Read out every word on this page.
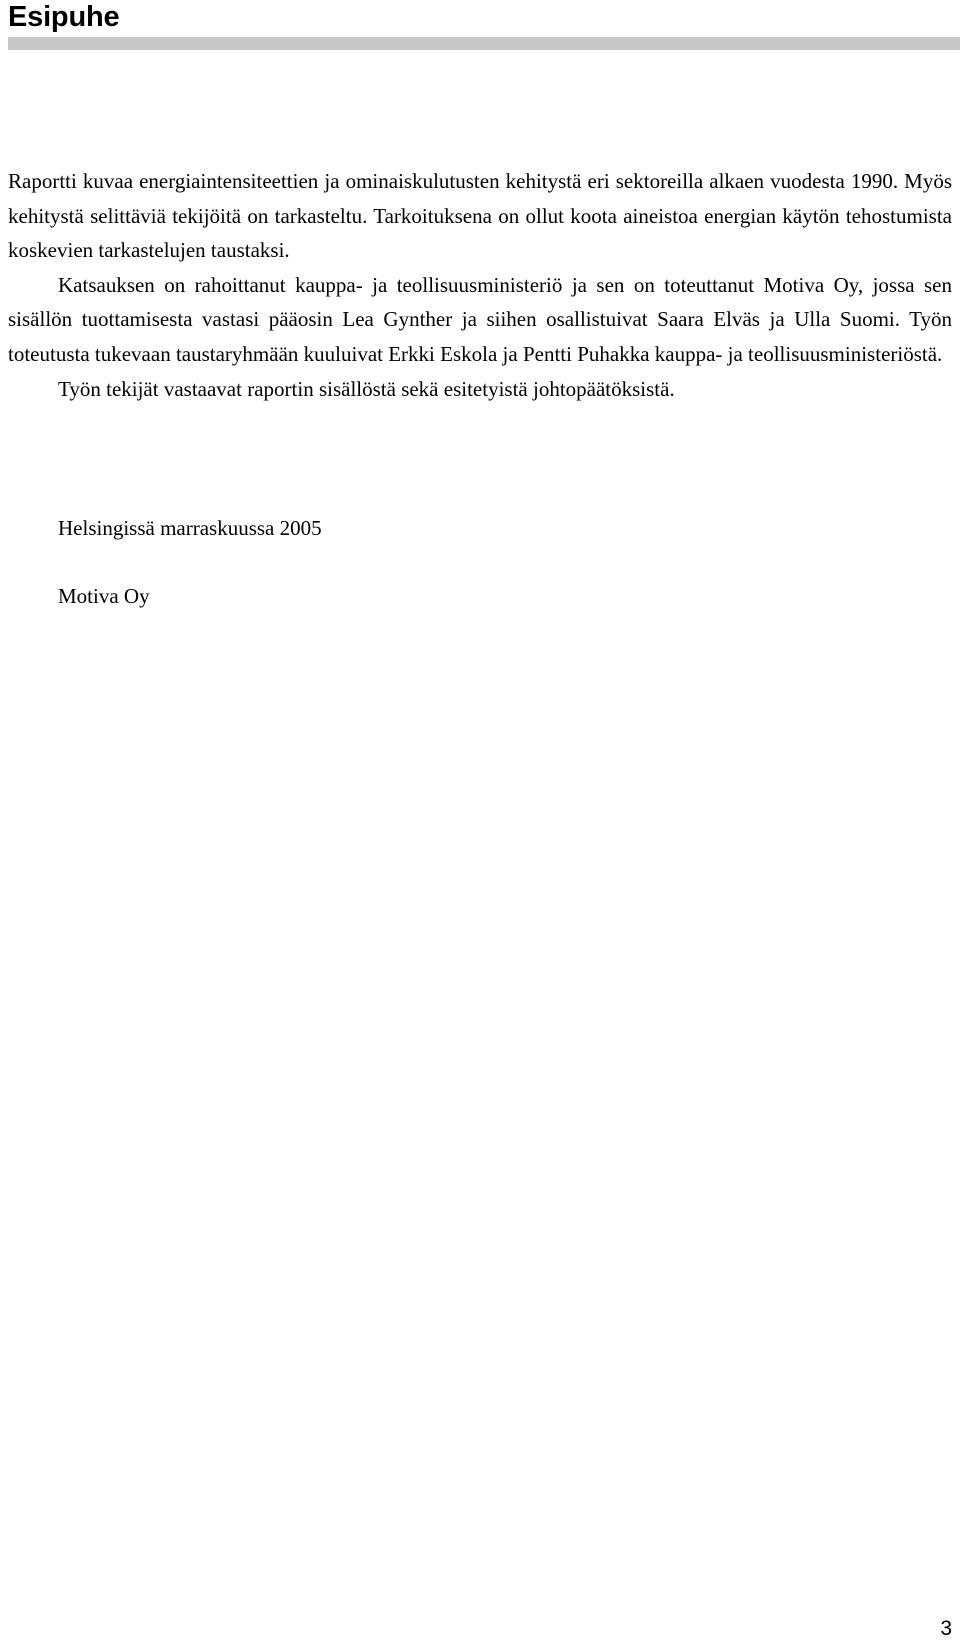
Esipuhe

Raportti kuvaa energiaintensiteettien ja ominaiskulutusten kehitystä eri sektoreilla alkaen vuodesta 1990. Myös kehitystä selittäviä tekijöitä on tarkasteltu. Tarkoituksena on ollut koota aineistoa energian käytön tehostumista koskevien tarkastelujen taustaksi.

Katsauksen on rahoittanut kauppa- ja teollisuusministeriö ja sen on toteuttanut Motiva Oy, jossa sen sisällön tuottamisesta vastasi pääosin Lea Gynther ja siihen osallistuivat Saara Elväs ja Ulla Suomi. Työn toteutusta tukevaan taustaryhmään kuuluivat Erkki Eskola ja Pentti Puhakka kauppa- ja teollisuusministeriöstä.

Työn tekijät vastaavat raportin sisällöstä sekä esitetyistä johtopäätöksistä.

Helsingissä marraskuussa 2005
Motiva Oy
3
